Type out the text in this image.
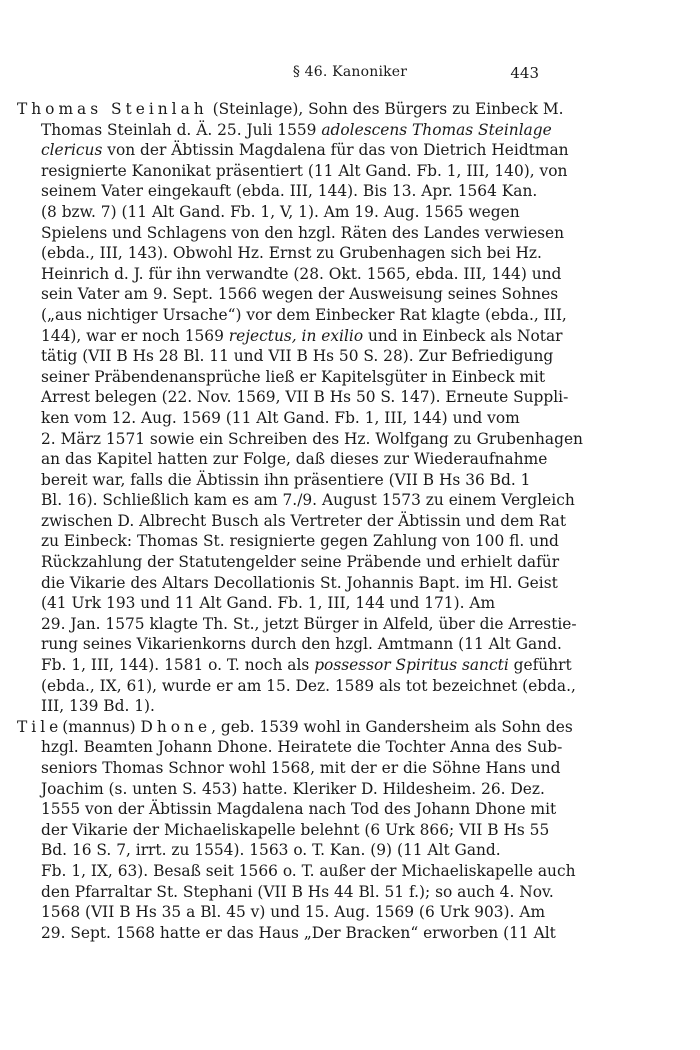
§ 46. Kanoniker	443
Thomas Steinlah (Steinlage), Sohn des Bürgers zu Einbeck M.
Thomas Steinlah d. Ä. 25. Juli 1559 adolescens Thomas Steinlage
clericus von der Äbtissin Magdalena für das von Dietrich Heidtman
resignierte Kanonikat präsentiert (11 Alt Gand. Fb. 1, III, 140), von
seinem Vater eingekauft (ebda. III, 144). Bis 13. Apr. 1564 Kan.
(8 bzw. 7) (11 Alt Gand. Fb. 1, V, 1). Am 19. Aug. 1565 wegen
Spielens und Schlagens von den hzgl. Räten des Landes verwiesen
(ebda., III, 143). Obwohl Hz. Ernst zu Grubenhagen sich bei Hz.
Heinrich d. J. für ihn verwandte (28. Okt. 1565, ebda. III, 144) und
sein Vater am 9. Sept. 1566 wegen der Ausweisung seines Sohnes
(„aus nichtiger Ursache“) vor dem Einbecker Rat klagte (ebda., III,
144), war er noch 1569 rejectus, in exilio und in Einbeck als Notar
tätig (VII B Hs 28 Bl. 11 und VII B Hs 50 S. 28). Zur Befriedigung
seiner Präbendenansprüche ließ er Kapitelsgüter in Einbeck mit
Arrest belegen (22. Nov. 1569, VII B Hs 50 S. 147). Erneute Suppli-
ken vom 12. Aug. 1569 (11 Alt Gand. Fb. 1, III, 144) und vom
2. März 1571 sowie ein Schreiben des Hz. Wolfgang zu Grubenhagen
an das Kapitel hatten zur Folge, daß dieses zur Wiederaufnahme
bereit war, falls die Äbtissin ihn präsentiere (VII B Hs 36 Bd. 1
Bl. 16). Schließlich kam es am 7./9. August 1573 zu einem Vergleich
zwischen D. Albrecht Busch als Vertreter der Äbtissin und dem Rat
zu Einbeck: Thomas St. resignierte gegen Zahlung von 100 fl. und
Rückzahlung der Statutengelder seine Präbende und erhielt dafür
die Vikarie des Altars Decollationis St. Johannis Bapt. im Hl. Geist
(41 Urk 193 und 11 Alt Gand. Fb. 1, III, 144 und 171). Am
29. Jan. 1575 klagte Th. St., jetzt Bürger in Alfeld, über die Arrestie-
rung seines Vikarienkorns durch den hzgl. Amtmann (11 Alt Gand.
Fb. 1, III, 144). 1581 o. T. noch als possessor Spiritus sancti geführt
(ebda., IX, 61), wurde er am 15. Dez. 1589 als tot bezeichnet (ebda.,
III, 139 Bd. 1).
Tile(mannus) Dhone, geb. 1539 wohl in Gandersheim als Sohn des
hzgl. Beamten Johann Dhone. Heiratete die Tochter Anna des Sub-
seniors Thomas Schnor wohl 1568, mit der er die Söhne Hans und
Joachim (s. unten S. 453) hatte. Kleriker D. Hildesheim. 26. Dez.
1555 von der Äbtissin Magdalena nach Tod des Johann Dhone mit
der Vikarie der Michaeliskapelle belehnt (6 Urk 866; VII B Hs 55
Bd. 16 S. 7, irrt. zu 1554). 1563 o. T. Kan. (9) (11 Alt Gand.
Fb. 1, IX, 63). Besaß seit 1566 o. T. außer der Michaeliskapelle auch
den Pfarraltar St. Stephani (VII B Hs 44 Bl. 51 f.); so auch 4. Nov.
1568 (VII B Hs 35 a Bl. 45 v) und 15. Aug. 1569 (6 Urk 903). Am
29. Sept. 1568 hatte er das Haus „Der Bracken“ erworben (11 Alt
